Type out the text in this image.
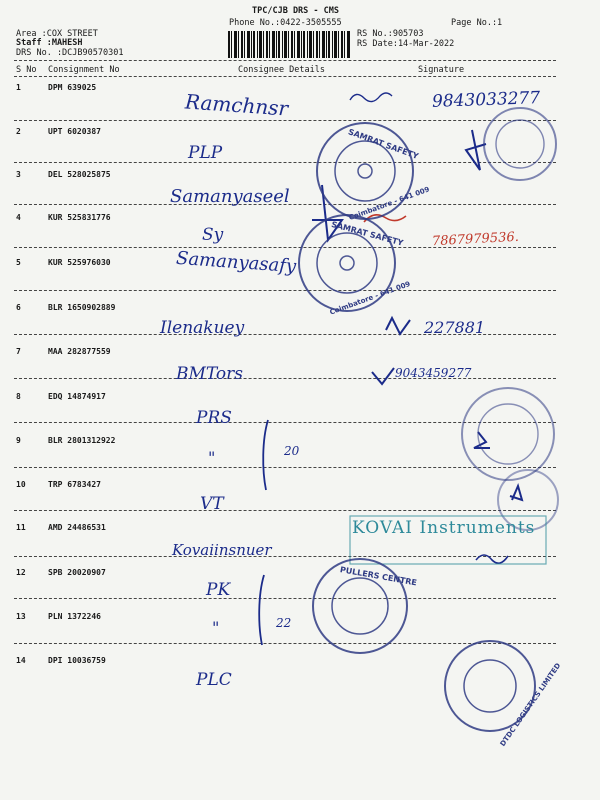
TPC/CJB DRS - CMS
Phone No.:0422-3505555	Page No.:1
RS No.:905703
RS Date:14-Mar-2022
Area :COX STREET
Staff :MAHESH
DRS No. :DCJB90570301
S No Consignment No	Consignee Details	Signature
1	DPM 639025
Ramchnsr	9843033277
2	UPT 6020387
PLP
3	DEL 528025875
Samanyaseel
4	KUR 525831776
Sy	7867979536.
5	KUR 525976030	Samanyasafy
6	BLR 1650902889
Ilenakuey	227881
7	MAA 282877559
BMTors	9043459277
8	EDQ 14874917
PRS
9	BLR 2801312922
"	20
10	TRP 6783427
VT
11	AMD 24486531
Kovaiinsnuer
12	SPB 20020907
PK
13	PLN 1372246
"	22
14	DPI 10036759
PLC
SAMRAT SAFETY
Coimbatore - 641 009
SAMRAT SAFETY
Coimbatore - 641 009
KOVAI Instruments
PULLERS CENTRE
DTDC LOGISTICS LIMITED
